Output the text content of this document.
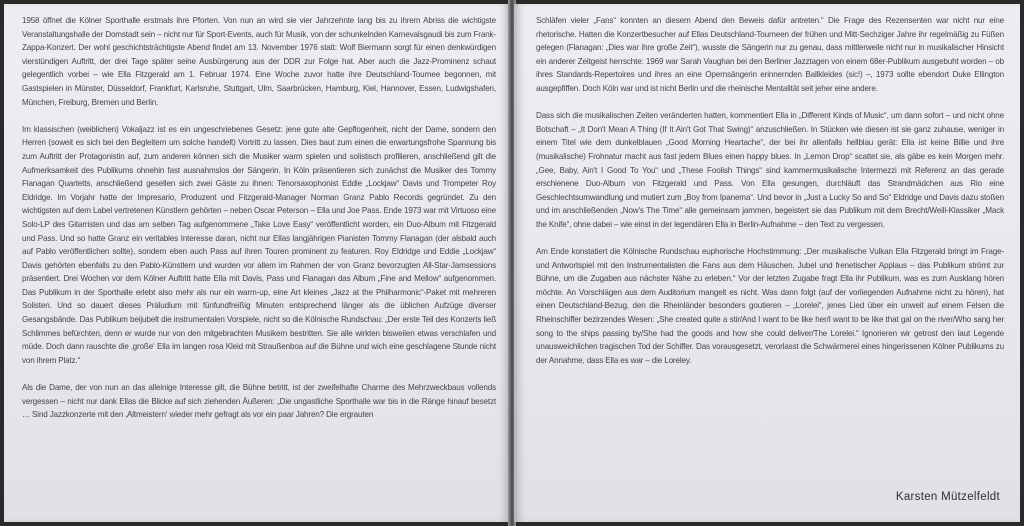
1958 öffnet die Kölner Sporthalle erstmals ihre Pforten. Von nun an wird sie vier Jahrzehnte lang bis zu ihrem Abriss die wichtigste Veranstaltungshalle der Domstadt sein – nicht nur für Sport-Events, auch für Musik, von der schunkelnden Karnevalsgaudi bis zum Frank-Zappa-Konzert. Der wohl geschichtsträchtigste Abend findet am 13. November 1976 statt: Wolf Biermann sorgt für einen denkwürdigen vierstündigen Auftritt, der drei Tage später seine Ausbürgerung aus der DDR zur Folge hat. Aber auch die Jazz-Prominenz schaut gelegentlich vorbei – wie Ella Fitzgerald am 1. Februar 1974. Eine Woche zuvor hatte ihre Deutschland-Tournee begonnen, mit Gastspielen in Münster, Düsseldorf, Frankfurt, Karlsruhe, Stuttgart, Ulm, Saarbrücken, Hamburg, Kiel, Hannover, Essen, Ludwigshafen, München, Freiburg, Bremen und Berlin.

Im klassischen (weiblichen) Vokaljazz ist es ein ungeschriebenes Gesetz: jene gute alte Gepflogenheit, nicht der Dame, sondern den Herren (soweit es sich bei den Begleitern um solche handelt) Vortritt zu lassen. Dies baut zum einen die erwartungsfrohe Spannung bis zum Auftritt der Protagonistin auf, zum anderen können sich die Musiker warm spielen und solistisch profilieren, anschließend gilt die Aufmerksamkeit des Publikums ohnehin fast ausnahmslos der Sängerin. In Köln präsentieren sich zunächst die Musiker des Tommy Flanagan Quartetts, anschließend gesellen sich zwei Gäste zu ihnen: Tenorsaxophonist Eddie „Lockjaw“ Davis und Trompeter Roy Eldridge. Im Vorjahr hatte der Impresario, Produzent und Fitzgerald-Manager Norman Granz Pablo Records gegründet. Zu den wichtigsten auf dem Label vertretenen Künstlern gehörten – neben Oscar Peterson – Ella und Joe Pass. Ende 1973 war mit Virtuoso eine Solo-LP des Gitarristen und das am selben Tag aufgenommene „Take Love Easy“ veröffentlicht worden, ein Duo-Album mit Fitzgerald und Pass. Und so hatte Granz ein veritables Interesse daran, nicht nur Ellas langjährigen Pianisten Tommy Flanagan (der alsbald auch auf Pablo veröffentlichen sollte), sondern eben auch Pass auf ihren Touren prominent zu featuren. Roy Eldridge und Eddie „Lockjaw“ Davis gehörten ebenfalls zu den Pablo-Künstlern und wurden vor allem im Rahmen der von Granz bevorzugten All-Star-Jamsessions präsentiert. Drei Wochen vor dem Kölner Auftritt hatte Ella mit Davis, Pass und Flanagan das Album „Fine and Mellow“ aufgenommen. Das Publikum in der Sporthalle erlebt also mehr als nur ein warm-up, eine Art kleines „Jazz at the Philharmonic“-Paket mit mehreren Solisten. Und so dauert dieses Präludium mit fünfundfreißig Minuten entsprechend länger als die üblichen Aufzüge diverser Gesangsbände. Das Publikum beijubelt die instrumentalen Vorspiele, nicht so die Kölnische Rundschau: „Der erste Teil des Konzerts ließ Schlimmes befürchten, denn er wurde nur von den mitgebrachten Musikern bestritten. Sie alle wirkten bisweilen etwas verschlafen und müde. Doch dann rauschte die ‚große‘ Ella im langen rosa Kleid mit Straußenboa auf die Bühne und wich eine geschlagene Stunde nicht von ihrem Platz.“

Als die Dame, der von nun an das alleinige Interesse gilt, die Bühne betritt, ist der zweifelhafte Charme des Mehrzweckbaus vollends vergessen – nicht nur dank Ellas die Blicke auf sich ziehenden Äußeren: „Die ungastliche Sporthalle war bis in die Ränge hinauf besetzt … Sind Jazzkonzerte mit den ‚Altmeistern‘ wieder mehr gefragt als vor ein paar Jahren? Die ergrauten

Schläfen vieler „Fans“ konnten an diesem Abend den Beweis dafür antreten.“ Die Frage des Rezensenten war nicht nur eine rhetorische. Hatten die Konzertbesucher auf Ellas Deutschland-Tourneen der frühen und Mitt-Sechziger Jahre ihr regelmäßig zu Füßen gelegen (Flanagan: „Dies war ihre große Zeit“), wusste die Sängerin nur zu genau, dass mittlerweile nicht nur in musikalischer Hinsicht ein anderer Zeitgeist herrschte: 1969 war Sarah Vaughan bei den Berliner Jazztagen von einem 68er-Publikum ausgebuht worden – ob ihres Standards-Repertoires und ihres an eine Opernsängerin erinnernden Ballkleides (sic!) –, 1973 sollte ebendort Duke Ellington ausgepfiffen. Doch Köln war und ist nicht Berlin und die rheinische Mentalität seit jeher eine andere.

Dass sich die musikalischen Zeiten veränderten hatten, kommentiert Ella in „Different Kinds of Music“, um dann sofort – und nicht ohne Botschaft – „It Don't Mean A Thing (If It Ain't Got That Swing)“ anzuschließen. In Stücken wie diesen ist sie ganz zuhause, weniger in einem Titel wie dem dunkelblauen „Good Morning Heartache“, der bei ihr allenfalls hellblau gerät: Ella ist keine Billie und ihre (musikalische) Frohnatur macht aus fast jedem Blues einen happy blues. In „Lemon Drop“ scattet sie, als gäbe es kein Morgen mehr. „Gee, Baby, Ain't I Good To You“ und „These Foolish Things“ sind kammermusikalische Intermezzi mit Referenz an das gerade erschienene Duo-Album von Fitzgerald und Pass. Von Ella gesungen, durchläuft das Strandmädchen aus Rio eine Geschlechtsumwandlung und mutiert zum „Boy from Ipanema“. Und bevor in „Just a Lucky So and So“ Eldridge und Davis dazu stoßen und im anschließenden „Now's The Time“ alle gemeinsam jammen, begeistert sie das Publikum mit dem Brecht/Weill-Klassiker „Mack the Knife“, ohne dabei – wie einst in der legendären Ella in Berlin-Aufnahme – den Text zu vergessen.

Am Ende konstatiert die Kölnische Rundschau euphorische Hochstimmung: „Der musikalische Vulkan Ella Fitzgerald bringt im Frage- und Antwortspiel mit den Instrumentalisten die Fans aus dem Häuschen. Jubel und frenetischer Applaus – das Publikum strömt zur Bühne, um die Zugaben aus nächster Nähe zu erleben.“ Vor der letzten Zugabe fragt Ella ihr Publikum, was es zum Ausklang hören möchte. An Vorschlägen aus dem Auditorium mangelt es nicht. Was dann folgt (auf der vorliegenden Aufnahme nicht zu hören), hat einen Deutschland-Bezug, den die Rheinländer besonders goutieren – „Lorelei“, jenes Lied über ein unweit auf einem Felsen die Rheinschiffer bezirzendes Wesen: „She created quite a stir/And I want to be like her/I want to be like that gal on the river/Who sang her song to the ships passing by/She had the goods and how she could deliver/The Lorelei.“ Ignorieren wir getrost den laut Legende unausweichlichen tragischen Tod der Schiffer. Das vorausgesetzt, verorlasst die Schwärmerei eines hingerissenen Kölner Publikums zu der Annahme, dass Ella es war – die Loreley.

Karsten Mützelfeldt
